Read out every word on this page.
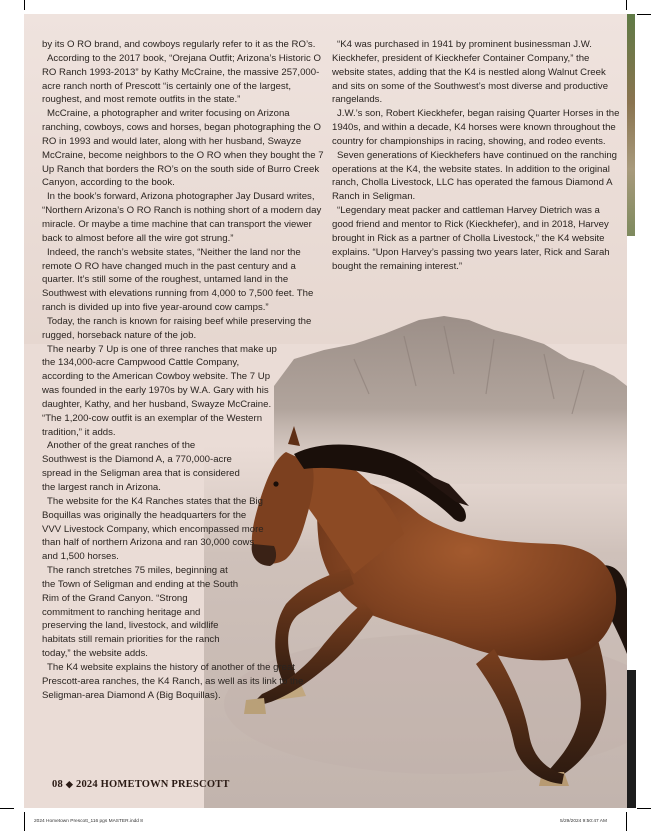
by its O RO brand, and cowboys regularly refer to it as the RO’s.

According to the 2017 book, “Orejana Outfit; Arizona’s Historic O RO Ranch 1993-2013” by Kathy McCraine, the massive 257,000-acre ranch north of Prescott “is certainly one of the largest, roughest, and most remote outfits in the state.”

McCraine, a photographer and writer focusing on Arizona ranching, cowboys, cows and horses, began photographing the O RO in 1993 and would later, along with her husband, Swayze McCraine, become neighbors to the O RO when they bought the 7 Up Ranch that borders the RO’s on the south side of Burro Creek Canyon, according to the book.

In the book’s forward, Arizona photographer Jay Dusard writes, “Northern Arizona’s O RO Ranch is nothing short of a modern day miracle. Or maybe a time machine that can transport the viewer back to almost before all the wire got strung.”

Indeed, the ranch’s website states, “Neither the land nor the remote O RO have changed much in the past century and a quarter. It’s still some of the roughest, untamed land in the Southwest with elevations running from 4,000 to 7,500 feet. The ranch is divided up into five year-around cow camps.”

Today, the ranch is known for raising beef while preserving the rugged, horseback nature of the job.

The nearby 7 Up is one of three ranches that make up the 134,000-acre Campwood Cattle Company, according to the American Cowboy website. The 7 Up was founded in the early 1970s by W.A. Gary with his daughter, Kathy, and her husband, Swayze McCraine. “The 1,200-cow outfit is an exemplar of the Western tradition,” it adds.

Another of the great ranches of the Southwest is the Diamond A, a 770,000-acre spread in the Seligman area that is considered the largest ranch in Arizona.

The website for the K4 Ranches states that the Big Boquillas was originally the headquarters for the VVV Livestock Company, which encompassed more than half of northern Arizona and ran 30,000 cows and 1,500 horses.

The ranch stretches 75 miles, beginning at the Town of Seligman and ending at the South Rim of the Grand Canyon. “Strong commitment to ranching heritage and preserving the land, livestock, and wildlife habitats still remain priorities for the ranch today,” the website adds.

The K4 website explains the history of another of the great Prescott-area ranches, the K4 Ranch, as well as its link to the Seligman-area Diamond A (Big Boquillas).

“K4 was purchased in 1941 by prominent businessman J.W. Kieckhefer, president of Kieckhefer Container Company,” the website states, adding that the K4 is nestled along Walnut Creek and sits on some of the Southwest’s most diverse and productive rangelands.

J.W.’s son, Robert Kieckhefer, began raising Quarter Horses in the 1940s, and within a decade, K4 horses were known throughout the country for championships in racing, showing, and rodeo events.

Seven generations of Kieckhefers have continued on the ranching operations at the K4, the website states. In addition to the original ranch, Cholla Livestock, LLC has operated the famous Diamond A Ranch in Seligman.

“Legendary meat packer and cattleman Harvey Dietrich was a good friend and mentor to Rick (Kieckhefer), and in 2018, Harvey brought in Rick as a partner of Cholla Livestock,” the K4 website explains. “Upon Harvey’s passing two years later, Rick and Sarah bought the remaining interest.”

08 ◆ 2024 HOMETOWN PRESCOTT
2024 Hometown Prescott_116 pgs MASTER.indd 8	5/29/2024 9:50:47 AM
